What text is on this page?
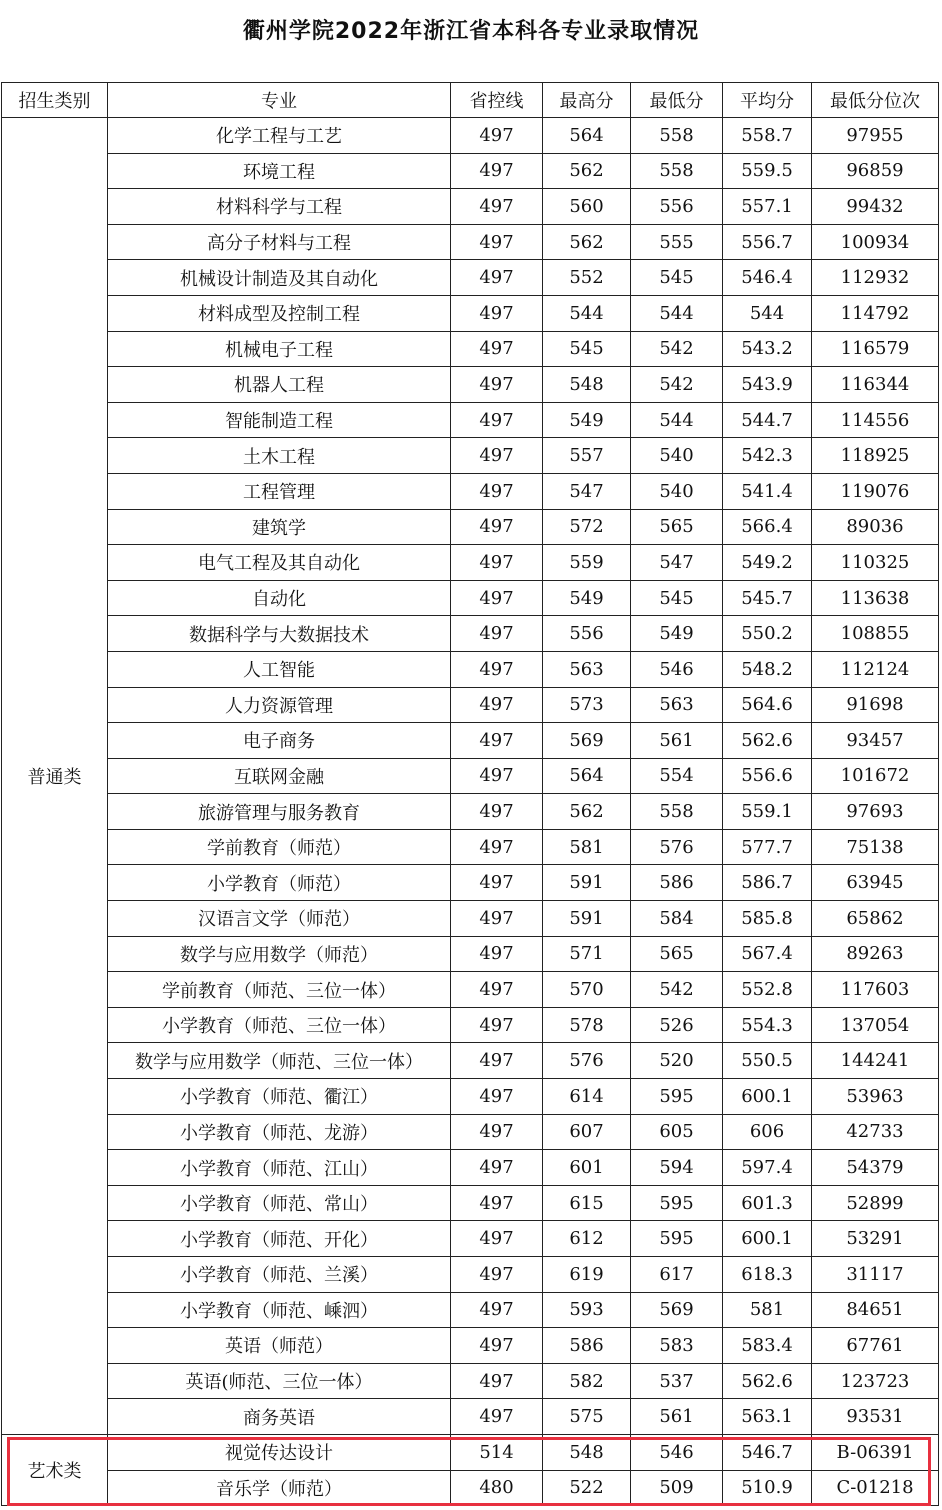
衢州学院2022年浙江省本科各专业录取情况
招生类别	专业	省控线	最高分	最低分	平均分	最低分位次
普通类	化学工程与工艺	497	564	558	558.7	97955
	环境工程	497	562	558	559.5	96859
	材料科学与工程	497	560	556	557.1	99432
	高分子材料与工程	497	562	555	556.7	100934
	机械设计制造及其自动化	497	552	545	546.4	112932
	材料成型及控制工程	497	544	544	544	114792
	机械电子工程	497	545	542	543.2	116579
	机器人工程	497	548	542	543.9	116344
	智能制造工程	497	549	544	544.7	114556
	土木工程	497	557	540	542.3	118925
	工程管理	497	547	540	541.4	119076
	建筑学	497	572	565	566.4	89036
	电气工程及其自动化	497	559	547	549.2	110325
	自动化	497	549	545	545.7	113638
	数据科学与大数据技术	497	556	549	550.2	108855
	人工智能	497	563	546	548.2	112124
	人力资源管理	497	573	563	564.6	91698
	电子商务	497	569	561	562.6	93457
	互联网金融	497	564	554	556.6	101672
	旅游管理与服务教育	497	562	558	559.1	97693
	学前教育（师范）	497	581	576	577.7	75138
	小学教育（师范）	497	591	586	586.7	63945
	汉语言文学（师范）	497	591	584	585.8	65862
	数学与应用数学（师范）	497	571	565	567.4	89263
	学前教育（师范、三位一体）	497	570	542	552.8	117603
	小学教育（师范、三位一体）	497	578	526	554.3	137054
	数学与应用数学（师范、三位一体）	497	576	520	550.5	144241
	小学教育（师范、衢江）	497	614	595	600.1	53963
	小学教育（师范、龙游）	497	607	605	606	42733
	小学教育（师范、江山）	497	601	594	597.4	54379
	小学教育（师范、常山）	497	615	595	601.3	52899
	小学教育（师范、开化）	497	612	595	600.1	53291
	小学教育（师范、兰溪）	497	619	617	618.3	31117
	小学教育（师范、嵊泗）	497	593	569	581	84651
	英语（师范）	497	586	583	583.4	67761
	英语(师范、三位一体）	497	582	537	562.6	123723
	商务英语	497	575	561	563.1	93531
艺术类	视觉传达设计	514	548	546	546.7	B-06391
	音乐学（师范）	480	522	509	510.9	C-01218
